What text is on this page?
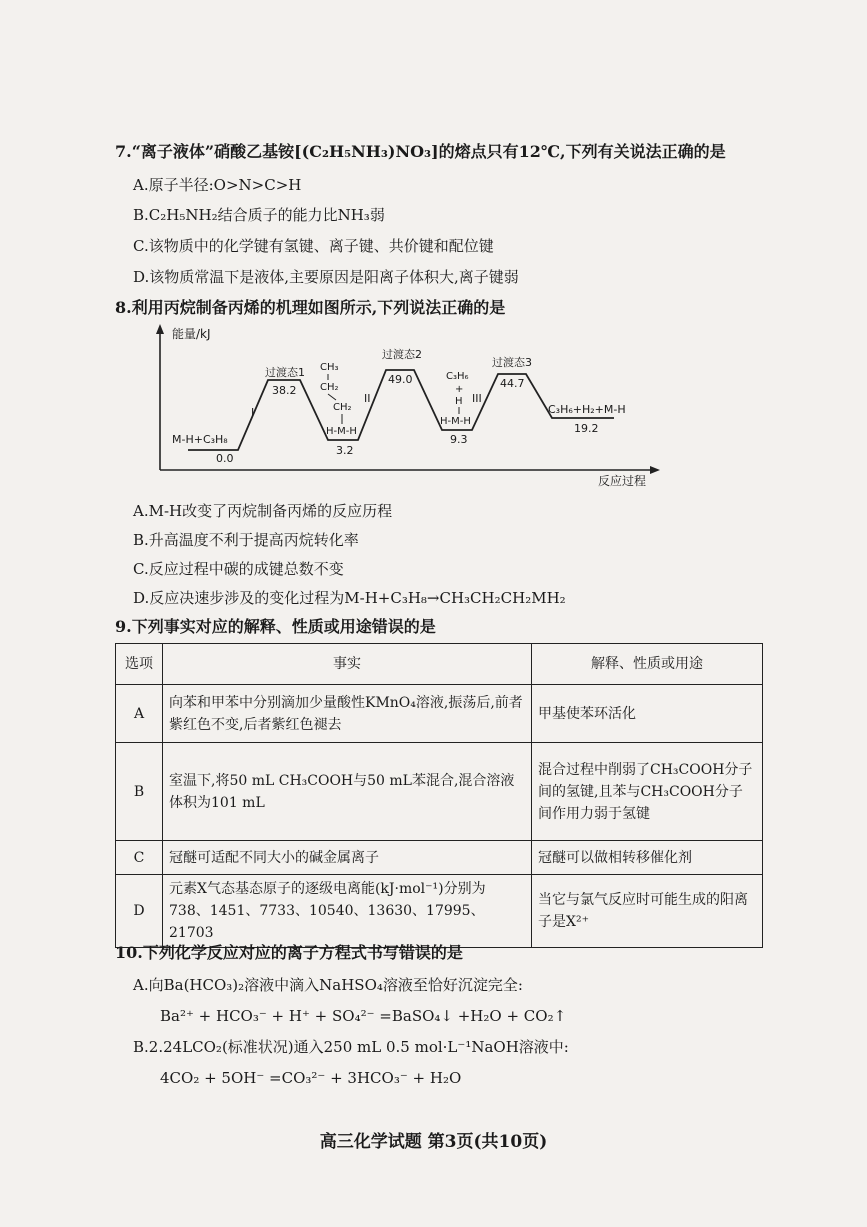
7.“离子液体”硝酸乙基铵[(C₂H₅NH₃)NO₃]的熔点只有12℃,下列有关说法正确的是
A.原子半径:O>N>C>H
B.C₂H₅NH₂结合质子的能力比NH₃弱
C.该物质中的化学键有氢键、离子键、共价键和配位键
D.该物质常温下是液体,主要原因是阳离子体积大,离子键弱
8.利用丙烷制备丙烯的机理如图所示,下列说法正确的是
能量/kJ
反应过程
M-H+C₃H₈
0.0
过渡态1
38.2
I
CH₃
CH₂
CH₂
H-M-H
3.2
II
过渡态2
49.0	C₃H₆
+
H
H-M-H
9.3
III
过渡态3
44.7
C₃H₆+H₂+M-H
19.2
A.M-H改变了丙烷制备丙烯的反应历程
B.升高温度不利于提高丙烷转化率
C.反应过程中碳的成键总数不变
D.反应决速步涉及的变化过程为M-H+C₃H₈→CH₃CH₂CH₂MH₂
9.下列事实对应的解释、性质或用途错误的是
选项	事实	解释、性质或用途
A	向苯和甲苯中分别滴加少量酸性KMnO₄溶液,振荡后,前者紫红色不变,后者紫红色褪去	甲基使苯环活化
B	室温下,将50 mL CH₃COOH与50 mL苯混合,混合溶液体积为101 mL	混合过程中削弱了CH₃COOH分子间的氢键,且苯与CH₃COOH分子间作用力弱于氢键
C	冠醚可适配不同大小的碱金属离子	冠醚可以做相转移催化剂
D	元素X气态基态原子的逐级电离能(kJ·mol⁻¹)分别为738、1451、7733、10540、13630、17995、21703	当它与氯气反应时可能生成的阳离子是X²⁺
10.下列化学反应对应的离子方程式书写错误的是
A.向Ba(HCO₃)₂溶液中滴入NaHSO₄溶液至恰好沉淀完全:
Ba²⁺ + HCO₃⁻ + H⁺ + SO₄²⁻ =BaSO₄↓ +H₂O + CO₂↑
B.2.24LCO₂(标准状况)通入250 mL 0.5 mol·L⁻¹NaOH溶液中:
4CO₂ + 5OH⁻ =CO₃²⁻ + 3HCO₃⁻ + H₂O
高三化学试题 第3页(共10页)
